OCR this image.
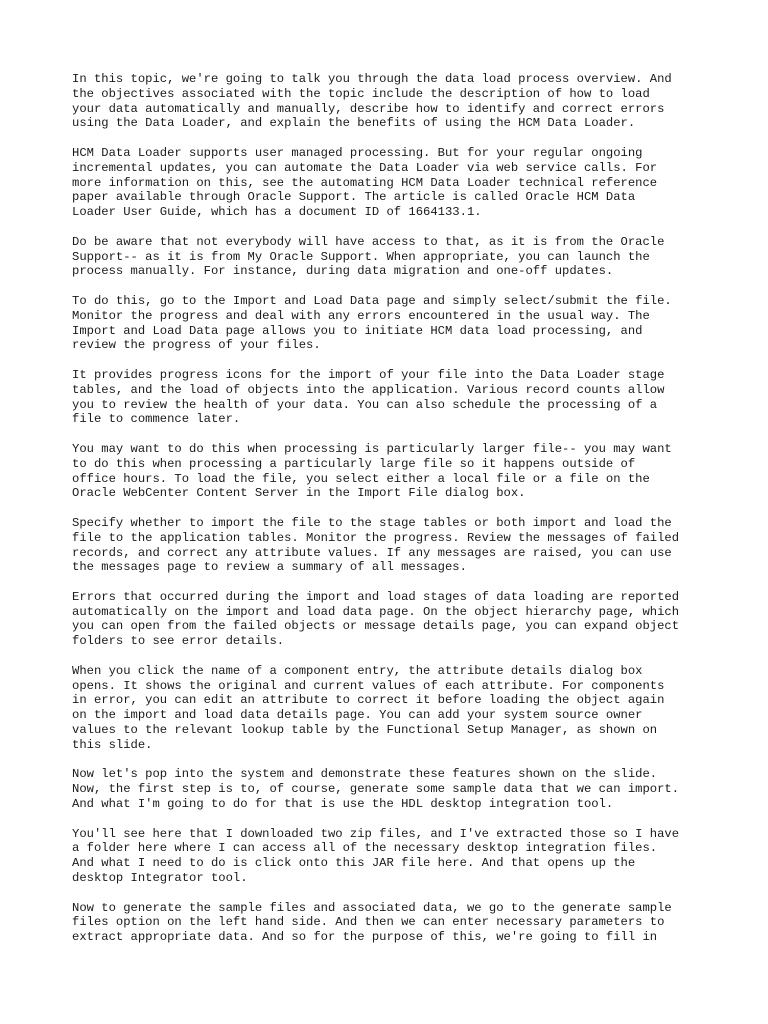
In this topic, we're going to talk you through the data load process overview. And
the objectives associated with the topic include the description of how to load
your data automatically and manually, describe how to identify and correct errors
using the Data Loader, and explain the benefits of using the HCM Data Loader.
HCM Data Loader supports user managed processing. But for your regular ongoing
incremental updates, you can automate the Data Loader via web service calls. For
more information on this, see the automating HCM Data Loader technical reference
paper available through Oracle Support. The article is called Oracle HCM Data
Loader User Guide, which has a document ID of 1664133.1.
Do be aware that not everybody will have access to that, as it is from the Oracle
Support-- as it is from My Oracle Support. When appropriate, you can launch the
process manually. For instance, during data migration and one-off updates.
To do this, go to the Import and Load Data page and simply select/submit the file.
Monitor the progress and deal with any errors encountered in the usual way. The
Import and Load Data page allows you to initiate HCM data load processing, and
review the progress of your files.
It provides progress icons for the import of your file into the Data Loader stage
tables, and the load of objects into the application. Various record counts allow
you to review the health of your data. You can also schedule the processing of a
file to commence later.
You may want to do this when processing is particularly larger file-- you may want
to do this when processing a particularly large file so it happens outside of
office hours. To load the file, you select either a local file or a file on the
Oracle WebCenter Content Server in the Import File dialog box.
Specify whether to import the file to the stage tables or both import and load the
file to the application tables. Monitor the progress. Review the messages of failed
records, and correct any attribute values. If any messages are raised, you can use
the messages page to review a summary of all messages.
Errors that occurred during the import and load stages of data loading are reported
automatically on the import and load data page. On the object hierarchy page, which
you can open from the failed objects or message details page, you can expand object
folders to see error details.
When you click the name of a component entry, the attribute details dialog box
opens. It shows the original and current values of each attribute. For components
in error, you can edit an attribute to correct it before loading the object again
on the import and load data details page. You can add your system source owner
values to the relevant lookup table by the Functional Setup Manager, as shown on
this slide.
Now let's pop into the system and demonstrate these features shown on the slide.
Now, the first step is to, of course, generate some sample data that we can import.
And what I'm going to do for that is use the HDL desktop integration tool.
You'll see here that I downloaded two zip files, and I've extracted those so I have
a folder here where I can access all of the necessary desktop integration files.
And what I need to do is click onto this JAR file here. And that opens up the
desktop Integrator tool.
Now to generate the sample files and associated data, we go to the generate sample
files option on the left hand side. And then we can enter necessary parameters to
extract appropriate data. And so for the purpose of this, we're going to fill in
